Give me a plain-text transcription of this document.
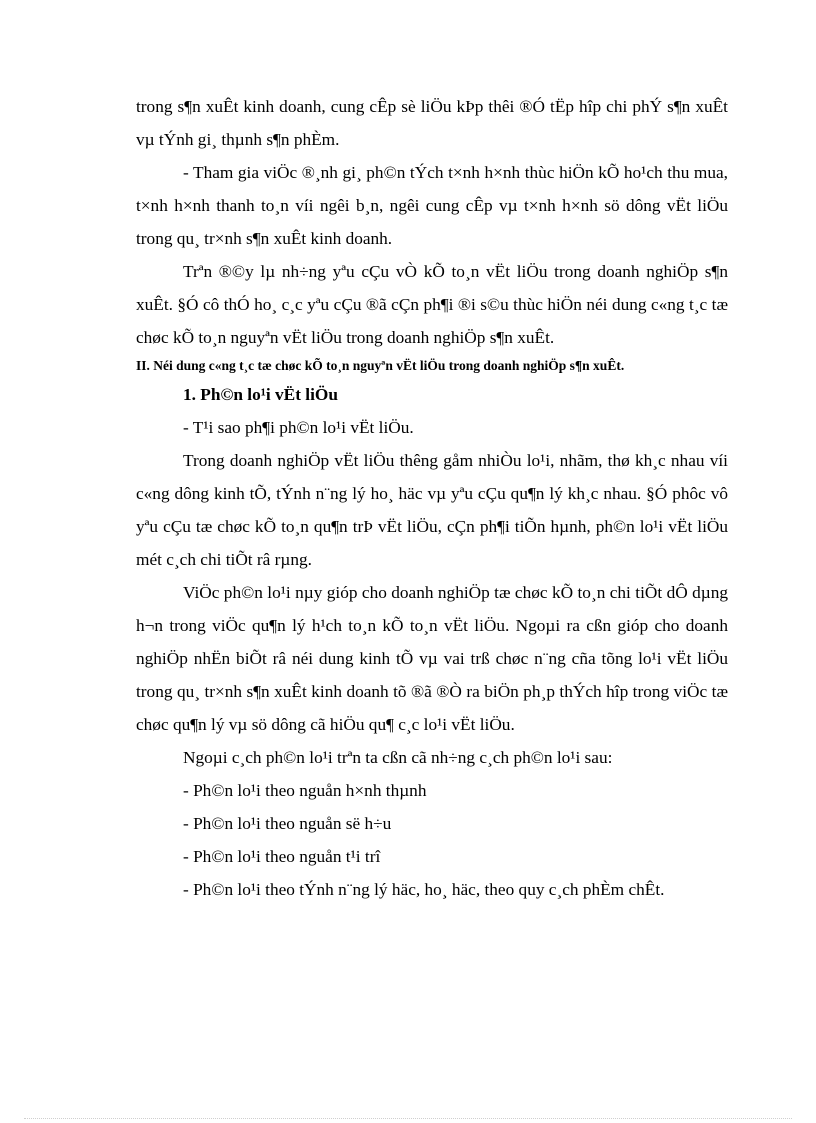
trong s¶n xuÊt kinh doanh, cung cÊp sè liÖu kÞp thêi ®Ó tËp hîp chi phÝ s¶n xuÊt vµ tÝnh gi¸ thµnh s¶n phÈm.

- Tham gia viÖc ®¸nh gi¸ ph©n tÝch t×nh h×nh thùc hiÖn kÕ ho¹ch thu mua, t×nh h×nh thanh to¸n víi ngêi b¸n, ngêi cung cÊp vµ t×nh h×nh sö dông vËt liÖu trong qu¸ tr×nh s¶n xuÊt kinh doanh.

Trªn ®©y lµ nh÷ng yªu cÇu vÒ kÕ to¸n vËt liÖu trong doanh nghiÖp s¶n xuÊt. §Ó cô thÓ ho¸ c¸c yªu cÇu ®ã cÇn ph¶i ®i s©u thùc hiÖn néi dung c«ng t¸c tæ chøc kÕ to¸n nguyªn vËt liÖu trong doanh nghiÖp s¶n xuÊt.

II. Néi dung c«ng t¸c tæ chøc kÕ to¸n nguyªn vËt liÖu trong doanh nghiÖp s¶n xuÊt.

1. Ph©n lo¹i vËt liÖu

- T¹i sao ph¶i ph©n lo¹i vËt liÖu.

Trong doanh nghiÖp vËt liÖu thêng gåm nhiÒu lo¹i, nhãm, thø kh¸c nhau víi c«ng dông kinh tÕ, tÝnh n¨ng lý ho¸ häc vµ yªu cÇu qu¶n lý kh¸c nhau. §Ó phôc vô yªu cÇu tæ chøc kÕ to¸n qu¶n trÞ vËt liÖu, cÇn ph¶i tiÕn hµnh, ph©n lo¹i vËt liÖu mét c¸ch chi tiÕt râ rµng.

ViÖc ph©n lo¹i nµy gióp cho doanh nghiÖp tæ chøc kÕ to¸n chi tiÕt dÔ dµng h¬n trong viÖc qu¶n lý h¹ch to¸n kÕ to¸n vËt liÖu. Ngoµi ra cßn gióp cho doanh nghiÖp nhËn biÕt râ néi dung kinh tÕ vµ vai trß chøc n¨ng cña tõng lo¹i vËt liÖu trong qu¸ tr×nh s¶n xuÊt kinh doanh tõ ®ã ®Ò ra biÖn ph¸p thÝch hîp trong viÖc tæ chøc qu¶n lý vµ sö dông cã hiÖu qu¶ c¸c lo¹i vËt liÖu.

Ngoµi c¸ch ph©n lo¹i trªn ta cßn cã nh÷ng c¸ch ph©n lo¹i sau:

- Ph©n lo¹i theo nguån h×nh thµnh

- Ph©n lo¹i theo nguån së h÷u

- Ph©n lo¹i theo nguån t¹i trî

- Ph©n lo¹i theo tÝnh n¨ng lý häc, ho¸ häc, theo quy c¸ch phÈm chÊt.
